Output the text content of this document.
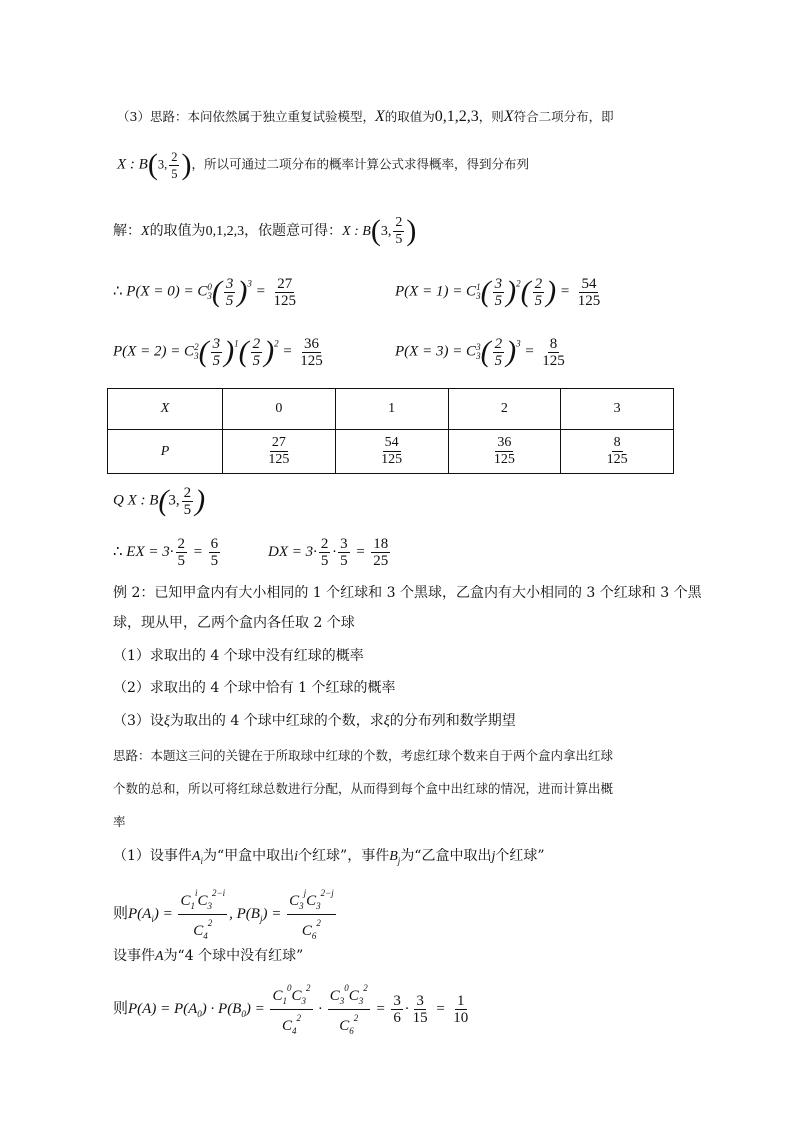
（3）思路：本问依然属于独立重复试验模型，X的取值为0,1,2,3，则X符合二项分布，即
X : B(3, $\frac{2}{5}$ )，所以可通过二项分布的概率计算公式求得概率，得到分布列
解：X的取值为0,1,2,3，依题意可得：X : B(3, $\frac{2}{5}$ )
∴ P(X = 0) = C 0
3 ( $\frac{3}{5} )^3 = \frac{27}{125}$	P(X = 1) = C 1
3 ( $\frac{3}{5} )^2( \frac{2}{5}$ ) = $\frac{54}{125}$
P(X = 2) = C 2
3 ( $\frac{3}{5} )^1( \frac{2}{5} )^2 = \frac{36}{125}$	P(X = 3) = C 3
3 ( $\frac{2}{5} )^3 = \frac{8}{125}$
X	0	1	2	3
P	$\frac{27}{125}$	$\frac{54}{125}$	$\frac{36}{125}$	$\frac{8}{125}$
Q X : B(3, $\frac{2}{5}$ )
∴ EX = $3\cdot \frac{2}{5} = \frac{6}{5}$	DX = $3\cdot \frac{2}{5} \cdot \frac{3}{5} = \frac{18}{25}$
例 2：已知甲盒内有大小相同的 1 个红球和 3 个黑球，乙盒内有大小相同的 3 个红球和 3 个黑
球，现从甲，乙两个盒内各任取 2 个球
（1）求取出的 4 个球中没有红球的概率
（2）求取出的 4 个球中恰有 1 个红球的概率
（3）设ξ为取出的 4 个球中红球的个数，求ξ的分布列和数学期望
思路：本题这三问的关键在于所取球中红球的个数，考虑红球个数来自于两个盒内拿出红球
个数的总和，所以可将红球总数进行分配，从而得到每个盒中出红球的情况，进而计算出概
率
（1）设事件$A_i$为“甲盒中取出i个红球”，事件$B_j$为“乙盒中取出j个红球”
则$P(A_i) = \frac{C_1^iC_3^{2-i}}{C_4^2}$ , $P(B_j) = \frac{C_3^jC_3^{2-j}}{C_6^2}$
设事件A为“4 个球中没有红球”
则$P(A) = P(A_0) \cdot P(B_0) = \frac{C_1^0C_3^2}{C_4^2} \cdot \frac{C_3^0C_3^2}{C_6^2} = \frac{3}{6} \cdot \frac{3}{15} = \frac{1}{10}$
